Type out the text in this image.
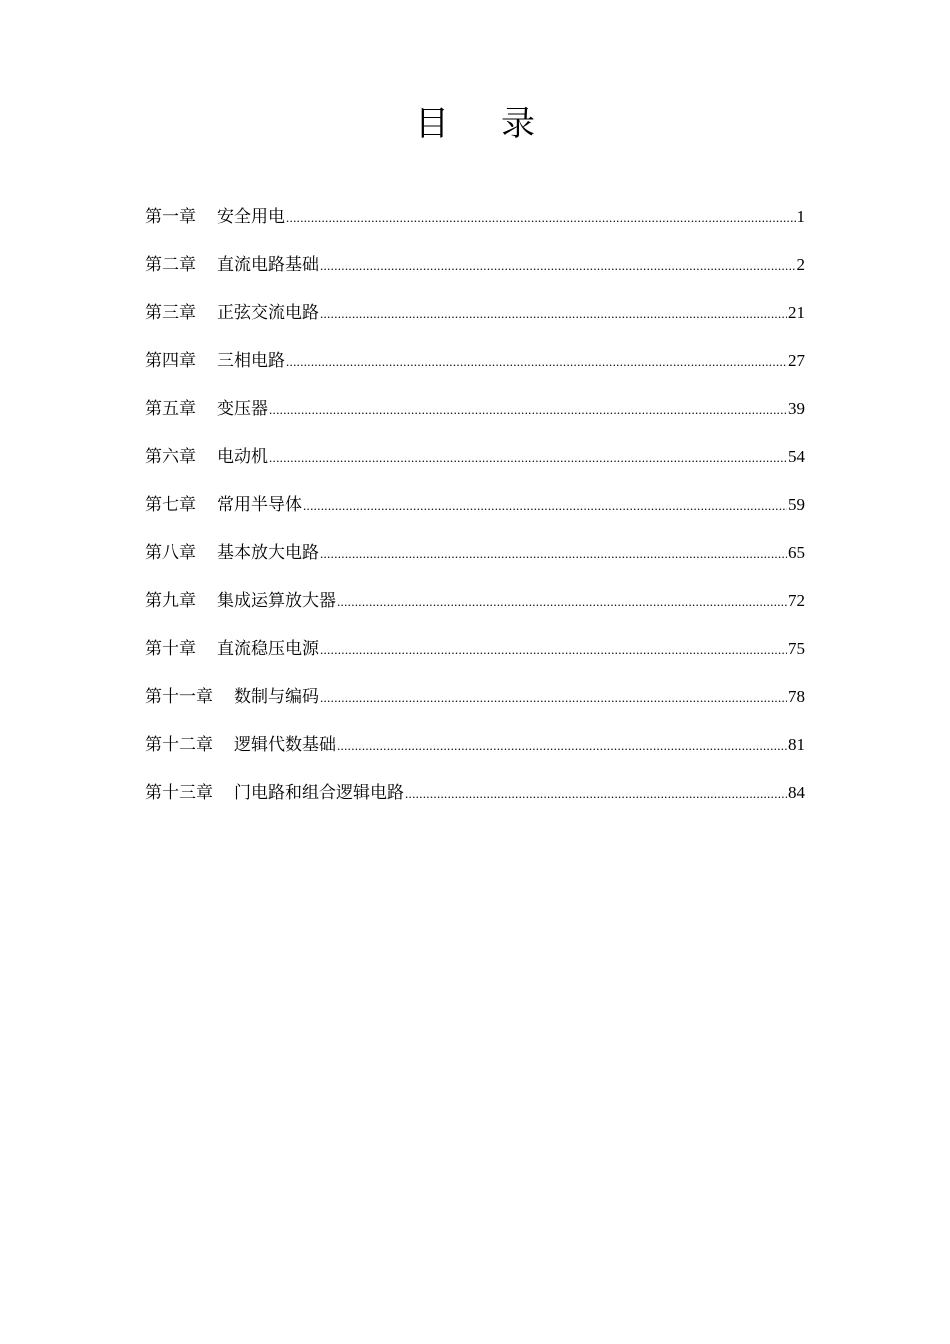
目 录
第一章 安全用电 .....	1
第二章 直流电路基础 .....	2
第三章 正弦交流电路 .....	21
第四章 三相电路 .....	27
第五章 变压器 .....	39
第六章 电动机 .....	54
第七章 常用半导体 .....	59
第八章 基本放大电路 .....	65
第九章 集成运算放大器 .....	72
第十章 直流稳压电源 .....	75
第十一章 数制与编码 .....	78
第十二章 逻辑代数基础 .....	81
第十三章 门电路和组合逻辑电路 .....	84
